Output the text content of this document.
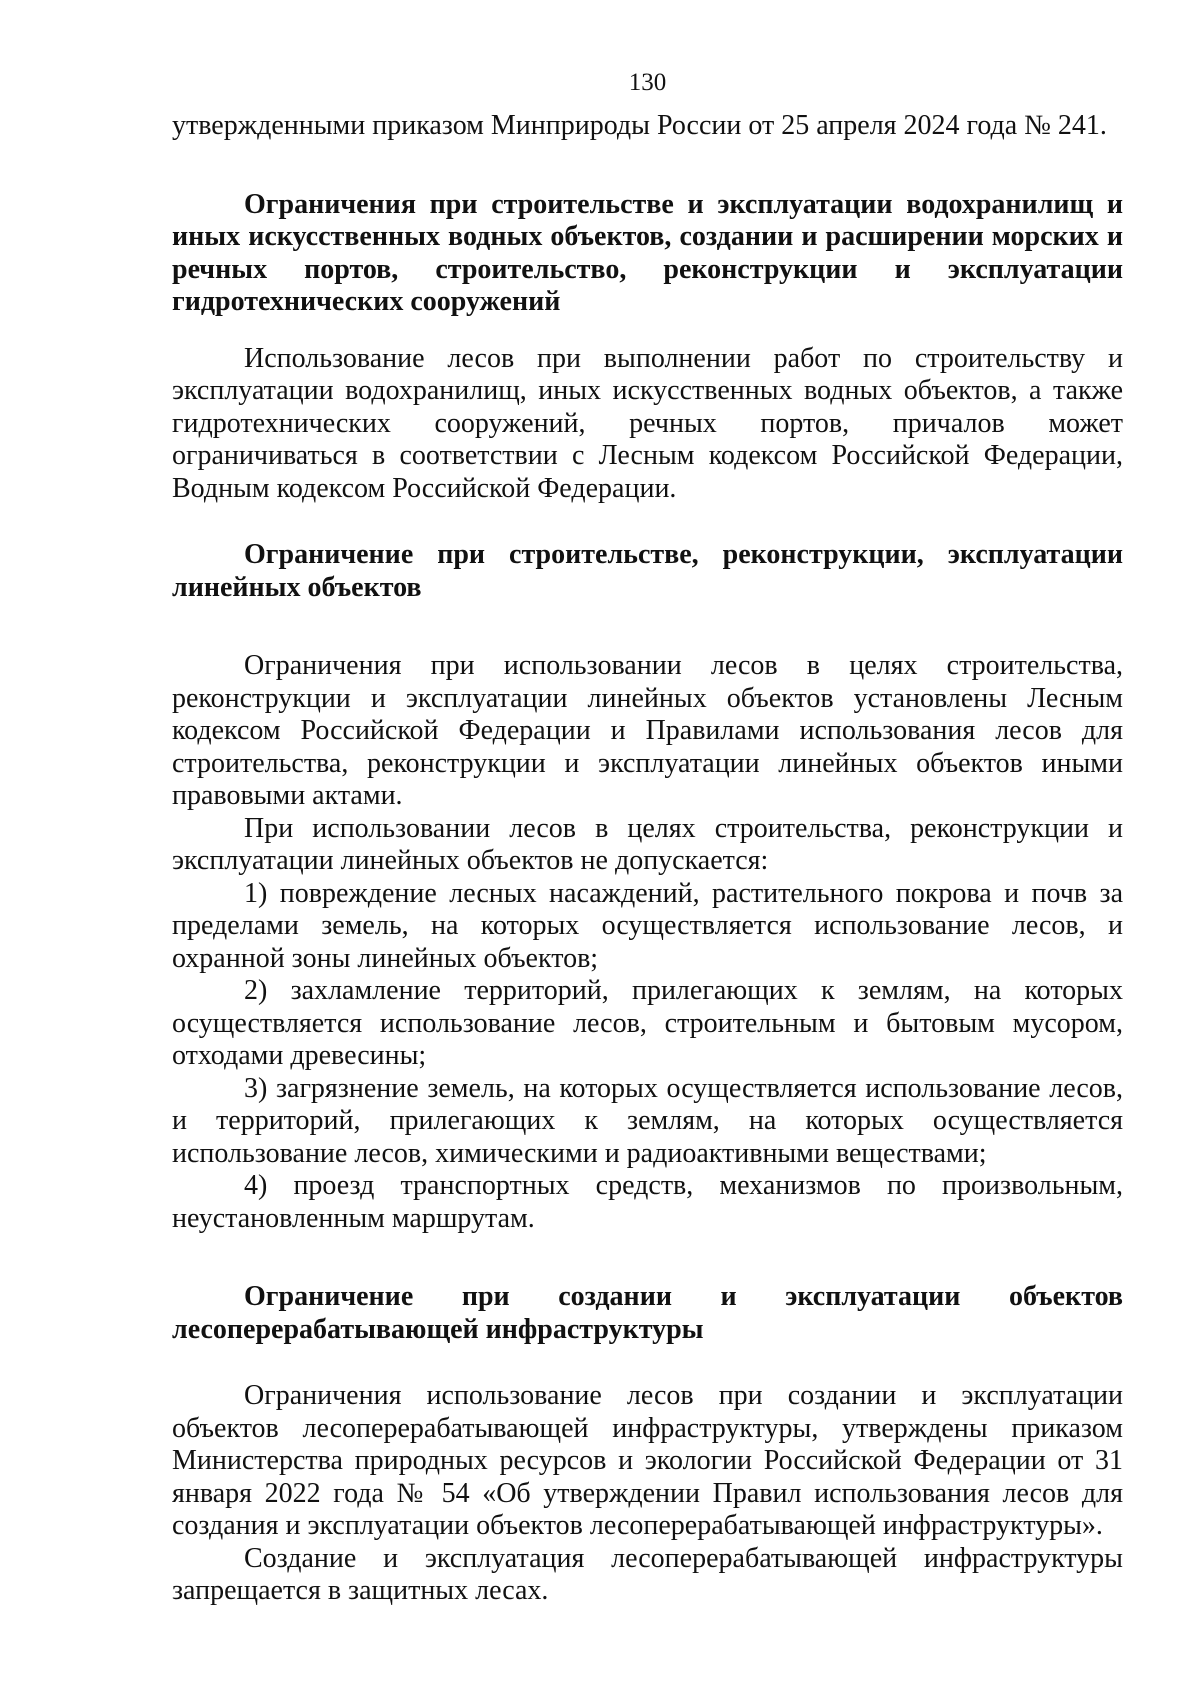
130

утвержденными приказом Минприроды России от 25 апреля 2024 года № 241.

Ограничения при строительстве и эксплуатации водохранилищ и иных искусственных водных объектов, создании и расширении морских и речных портов, строительство, реконструкции и эксплуатации гидротехнических сооружений

Использование лесов при выполнении работ по строительству и эксплуатации водохранилищ, иных искусственных водных объектов, а также гидротехнических сооружений, речных портов, причалов может ограничиваться в соответствии с Лесным кодексом Российской Федерации, Водным кодексом Российской Федерации.

Ограничение при строительстве, реконструкции, эксплуатации линейных объектов

Ограничения при использовании лесов в целях строительства, реконструкции и эксплуатации линейных объектов установлены Лесным кодексом Российской Федерации и Правилами использования лесов для строительства, реконструкции и эксплуатации линейных объектов иными правовыми актами.

При использовании лесов в целях строительства, реконструкции и эксплуатации линейных объектов не допускается:

1) повреждение лесных насаждений, растительного покрова и почв за пределами земель, на которых осуществляется использование лесов, и охранной зоны линейных объектов;

2) захламление территорий, прилегающих к землям, на которых осуществляется использование лесов, строительным и бытовым мусором, отходами древесины;

3) загрязнение земель, на которых осуществляется использование лесов, и территорий, прилегающих к землям, на которых осуществляется использование лесов, химическими и радиоактивными веществами;

4) проезд транспортных средств, механизмов по произвольным, неустановленным маршрутам.

Ограничение при создании и эксплуатации объектов лесоперерабатывающей инфраструктуры

Ограничения использование лесов при создании и эксплуатации объектов лесоперерабатывающей инфраструктуры, утверждены приказом Министерства природных ресурсов и экологии Российской Федерации от 31 января 2022 года № 54 «Об утверждении Правил использования лесов для создания и эксплуатации объектов лесоперерабатывающей инфраструктуры».

Создание и эксплуатация лесоперерабатывающей инфраструктуры запрещается в защитных лесах.
